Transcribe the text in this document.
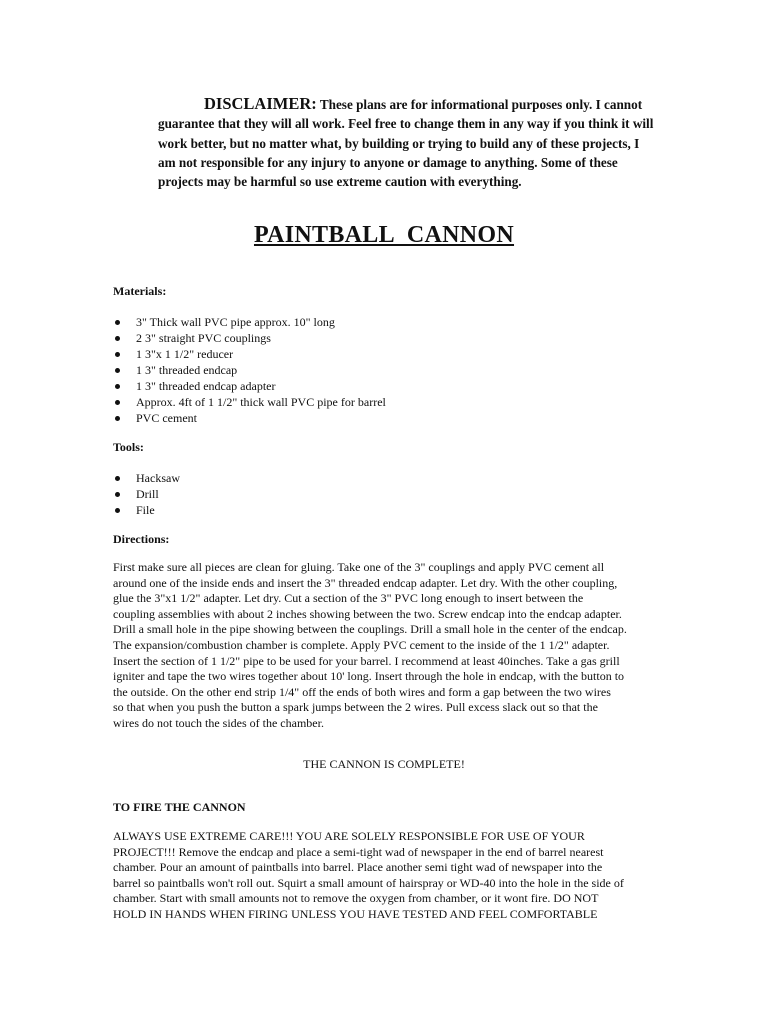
DISCLAIMER: These plans are for informational purposes only. I cannot guarantee that they will all work. Feel free to change them in any way if you think it will work better, but no matter what, by building or trying to build any of these projects, I am not responsible for any injury to anyone or damage to anything. Some of these projects may be harmful so use extreme caution with everything.
PAINTBALL CANNON
Materials:
3" Thick wall PVC pipe approx. 10" long
2 3" straight PVC couplings
1 3"x 1 1/2" reducer
1 3" threaded endcap
1 3" threaded endcap adapter
Approx. 4ft of 1 1/2" thick wall PVC pipe for barrel
PVC cement
Tools:
Hacksaw
Drill
File
Directions:
First make sure all pieces are clean for gluing. Take one of the 3" couplings and apply PVC cement all
around one of the inside ends and insert the 3" threaded endcap adapter. Let dry. With the other coupling,
glue the 3"x1 1/2" adapter. Let dry. Cut a section of the 3" PVC long enough to insert between the
coupling assemblies with about 2 inches showing between the two. Screw endcap into the endcap adapter.
Drill a small hole in the pipe showing between the couplings. Drill a small hole in the center of the endcap.
The expansion/combustion chamber is complete. Apply PVC cement to the inside of the 1 1/2" adapter.
Insert the section of 1 1/2" pipe to be used for your barrel. I recommend at least 40inches. Take a gas grill
igniter and tape the two wires together about 10' long. Insert through the hole in endcap, with the button to
the outside. On the other end strip 1/4" off the ends of both wires and form a gap between the two wires
so that when you push the button a spark jumps between the 2 wires. Pull excess slack out so that the
wires do not touch the sides of the chamber.
THE CANNON IS COMPLETE!
TO FIRE THE CANNON
ALWAYS USE EXTREME CARE!!! YOU ARE SOLELY RESPONSIBLE FOR USE OF YOUR
PROJECT!!! Remove the endcap and place a semi-tight wad of newspaper in the end of barrel nearest
chamber. Pour an amount of paintballs into barrel. Place another semi tight wad of newspaper into the
barrel so paintballs won't roll out. Squirt a small amount of hairspray or WD-40 into the hole in the side of
chamber. Start with small amounts not to remove the oxygen from chamber, or it wont fire. DO NOT
HOLD IN HANDS WHEN FIRING UNLESS YOU HAVE TESTED AND FEEL COMFORTABLE
